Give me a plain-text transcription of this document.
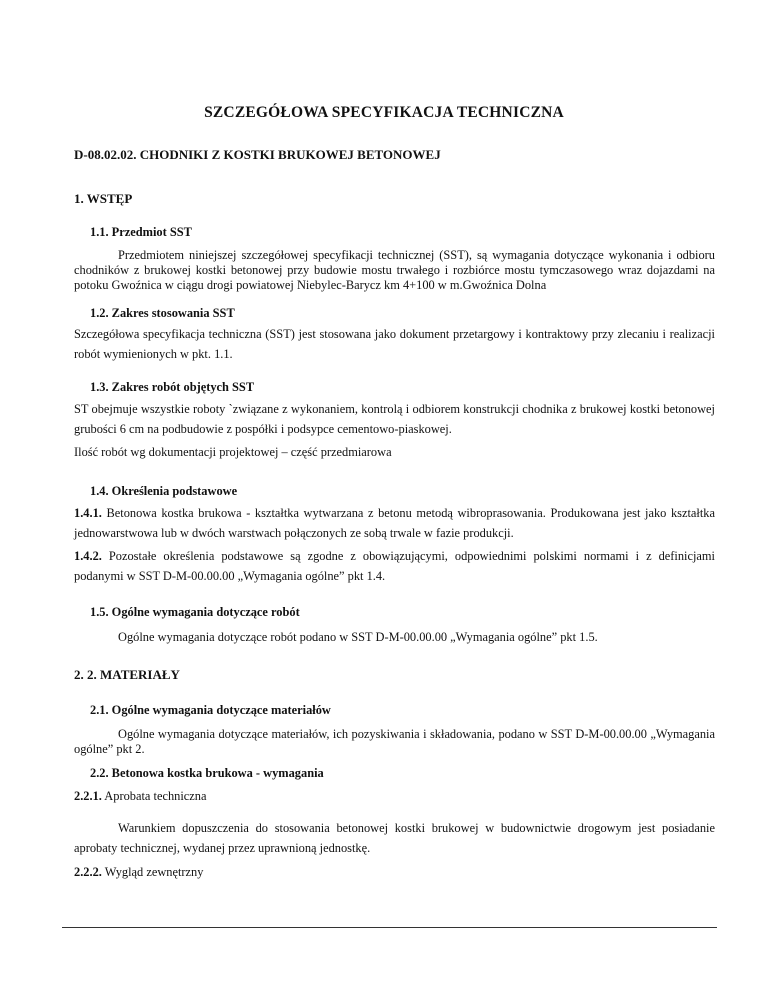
SZCZEGÓŁOWA SPECYFIKACJA TECHNICZNA
D-08.02.02. CHODNIKI Z KOSTKI BRUKOWEJ BETONOWEJ
1. WSTĘP
1.1. Przedmiot SST

Przedmiotem niniejszej szczegółowej specyfikacji technicznej (SST), są wymagania dotyczące wykonania i odbioru chodników z brukowej kostki betonowej przy budowie mostu trwałego i rozbiórce mostu tymczasowego wraz dojazdami na potoku Gwoźnica w ciągu drogi powiatowej Niebylec-Barycz km 4+100 w m.Gwoźnica Dolna

1.2. Zakres stosowania SST

Szczegółowa specyfikacja techniczna (SST) jest stosowana jako dokument przetargowy i kontraktowy przy zlecaniu i realizacji robót wymienionych w pkt. 1.1.

1.3. Zakres robót objętych SST

ST obejmuje wszystkie roboty `związane z wykonaniem, kontrolą i odbiorem konstrukcji chodnika z brukowej kostki betonowej grubości 6 cm na podbudowie z pospółki i podsypce cementowo-piaskowej.

Ilość robót wg dokumentacji projektowej – część przedmiarowa

1.4. Określenia podstawowe

1.4.1. Betonowa kostka brukowa - kształtka wytwarzana z betonu metodą wibroprasowania. Produkowana jest jako kształtka jednowarstwowa lub w dwóch warstwach połączonych ze sobą trwale w fazie produkcji.

1.4.2. Pozostałe określenia podstawowe są zgodne z obowiązującymi, odpowiednimi polskimi normami i z definicjami podanymi w SST D-M-00.00.00 „Wymagania ogólne” pkt 1.4.

1.5. Ogólne wymagania dotyczące robót

Ogólne wymagania dotyczące robót podano w SST D-M-00.00.00 „Wymagania ogólne” pkt 1.5.

2. 2. MATERIAŁY
2.1. Ogólne wymagania dotyczące materiałów

Ogólne wymagania dotyczące materiałów, ich pozyskiwania i składowania, podano w SST D-M-00.00.00 „Wymagania ogólne” pkt 2.

2.2. Betonowa kostka brukowa - wymagania

2.2.1. Aprobata techniczna

Warunkiem dopuszczenia do stosowania betonowej kostki brukowej w budownictwie drogowym jest posiadanie aprobaty technicznej, wydanej przez uprawnioną jednostkę.

2.2.2. Wygląd zewnętrzny
